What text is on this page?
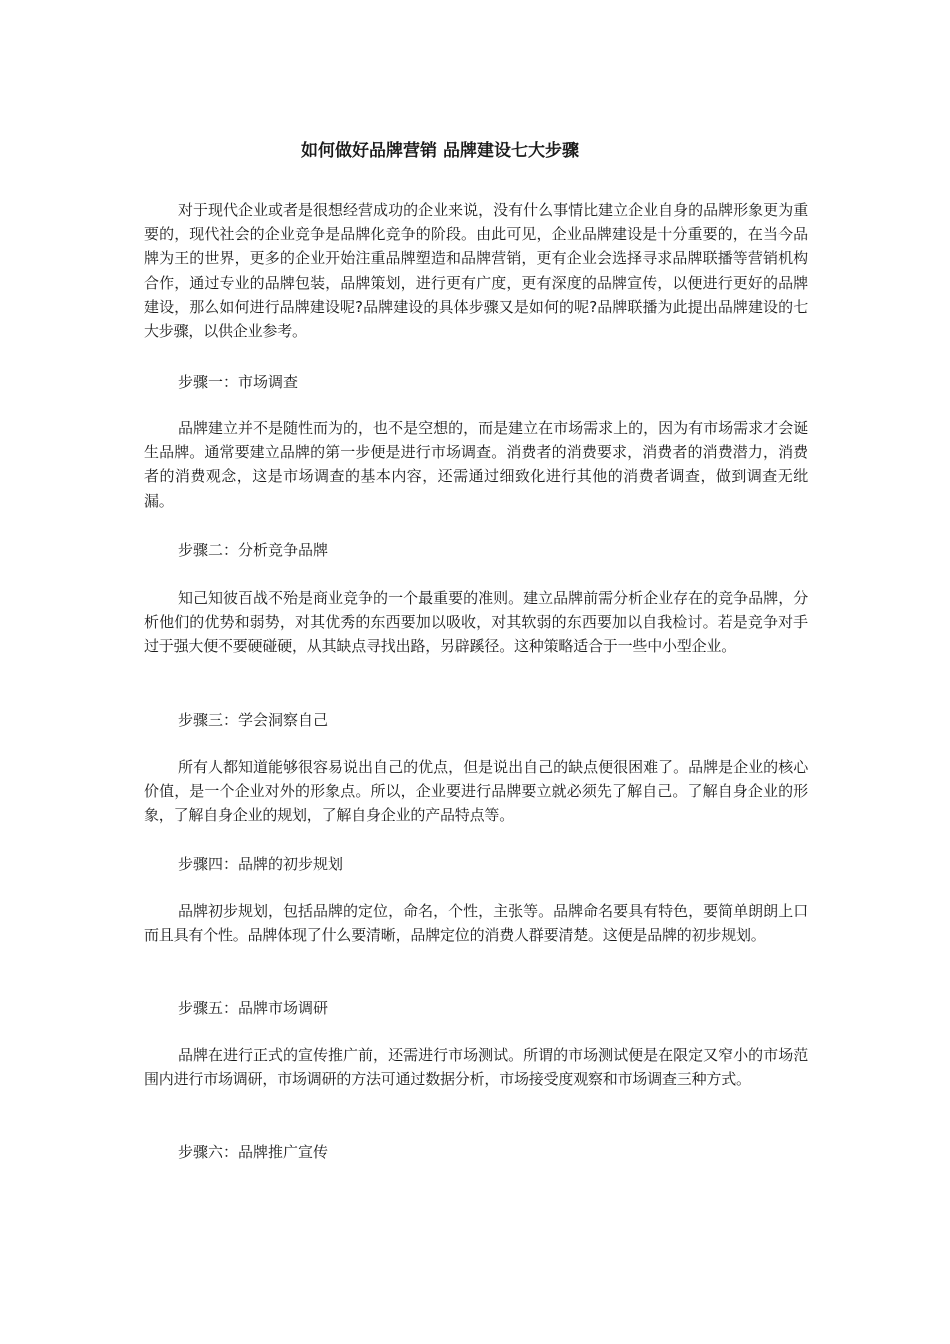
如何做好品牌营销 品牌建设七大步骤

对于现代企业或者是很想经营成功的企业来说，没有什么事情比建立企业自身的品牌形象更为重要的，现代社会的企业竞争是品牌化竞争的阶段。由此可见，企业品牌建设是十分重要的，在当今品牌为王的世界，更多的企业开始注重品牌塑造和品牌营销，更有企业会选择寻求品牌联播等营销机构合作，通过专业的品牌包装，品牌策划，进行更有广度，更有深度的品牌宣传，以便进行更好的品牌建设，那么如何进行品牌建设呢?品牌建设的具体步骤又是如何的呢?品牌联播为此提出品牌建设的七大步骤，以供企业参考。

步骤一：市场调查

品牌建立并不是随性而为的，也不是空想的，而是建立在市场需求上的，因为有市场需求才会诞生品牌。通常要建立品牌的第一步便是进行市场调查。消费者的消费要求，消费者的消费潜力，消费者的消费观念，这是市场调查的基本内容，还需通过细致化进行其他的消费者调查，做到调查无纰漏。

步骤二：分析竞争品牌

知己知彼百战不殆是商业竞争的一个最重要的准则。建立品牌前需分析企业存在的竞争品牌，分析他们的优势和弱势，对其优秀的东西要加以吸收，对其软弱的东西要加以自我检讨。若是竞争对手过于强大便不要硬碰硬，从其缺点寻找出路，另辟蹊径。这种策略适合于一些中小型企业。

步骤三：学会洞察自己

所有人都知道能够很容易说出自己的优点，但是说出自己的缺点便很困难了。品牌是企业的核心价值，是一个企业对外的形象点。所以，企业要进行品牌要立就必须先了解自己。了解自身企业的形象，了解自身企业的规划，了解自身企业的产品特点等。

步骤四：品牌的初步规划

品牌初步规划，包括品牌的定位，命名，个性，主张等。品牌命名要具有特色，要简单朗朗上口而且具有个性。品牌体现了什么要清晰，品牌定位的消费人群要清楚。这便是品牌的初步规划。

步骤五：品牌市场调研

品牌在进行正式的宣传推广前，还需进行市场测试。所谓的市场测试便是在限定又窄小的市场范围内进行市场调研，市场调研的方法可通过数据分析，市场接受度观察和市场调查三种方式。

步骤六：品牌推广宣传
